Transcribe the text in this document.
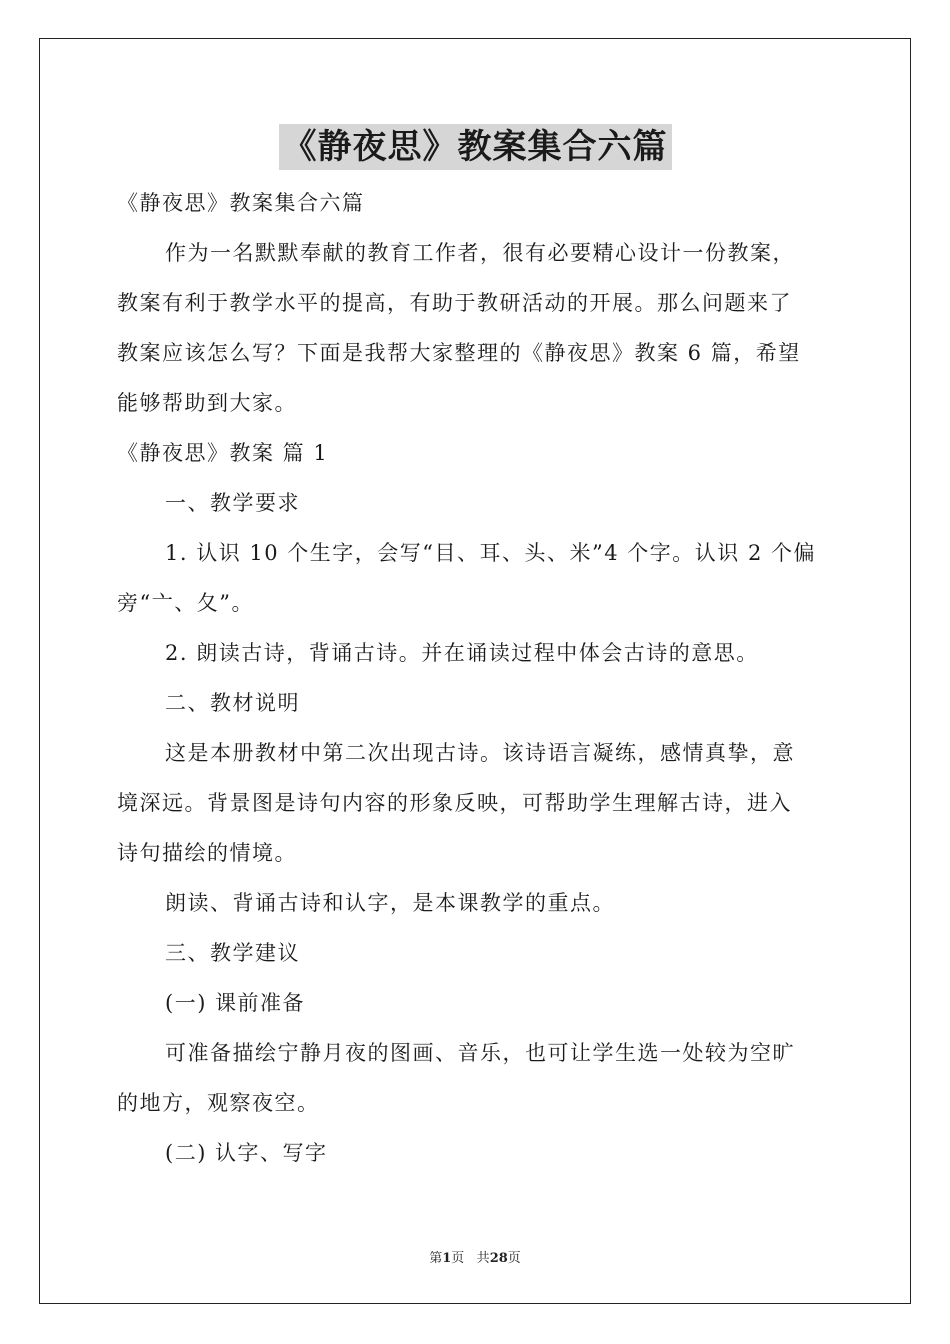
《静夜思》教案集合六篇
《静夜思》教案集合六篇
作为一名默默奉献的教育工作者，很有必要精心设计一份教案，
教案有利于教学水平的提高，有助于教研活动的开展。那么问题来了
教案应该怎么写？下面是我帮大家整理的《静夜思》教案 6 篇，希望
能够帮助到大家。
《静夜思》教案 篇 1
一、教学要求
1. 认识 10 个生字，会写“目、耳、头、米”4 个字。认识 2 个偏
旁“亠、夂”。
2. 朗读古诗，背诵古诗。并在诵读过程中体会古诗的意思。
二、教材说明
这是本册教材中第二次出现古诗。该诗语言凝练，感情真挚，意
境深远。背景图是诗句内容的形象反映，可帮助学生理解古诗，进入
诗句描绘的情境。
朗读、背诵古诗和认字，是本课教学的重点。
三、教学建议
(一) 课前准备
可准备描绘宁静月夜的图画、音乐，也可让学生选一处较为空旷
的地方，观察夜空。
(二) 认字、写字
第1页 共28页
